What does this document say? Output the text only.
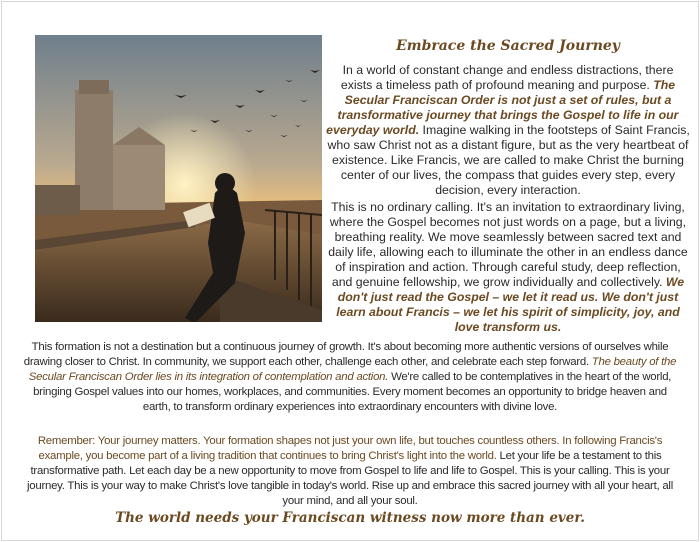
Embrace the Sacred Journey
In a world of constant change and endless distractions, there exists a timeless path of profound meaning and purpose. The Secular Franciscan Order is not just a set of rules, but a transformative journey that brings the Gospel to life in our everyday world. Imagine walking in the footsteps of Saint Francis, who saw Christ not as a distant figure, but as the very heartbeat of existence. Like Francis, we are called to make Christ the burning center of our lives, the compass that guides every step, every decision, every interaction.
This is no ordinary calling. It's an invitation to extraordinary living, where the Gospel becomes not just words on a page, but a living, breathing reality. We move seamlessly between sacred text and daily life, allowing each to illuminate the other in an endless dance of inspiration and action. Through careful study, deep reflection, and genuine fellowship, we grow individually and collectively. We don't just read the Gospel – we let it read us. We don't just learn about Francis – we let his spirit of simplicity, joy, and love transform us.
This formation is not a destination but a continuous journey of growth. It's about becoming more authentic versions of ourselves while drawing closer to Christ. In community, we support each other, challenge each other, and celebrate each step forward. The beauty of the Secular Franciscan Order lies in its integration of contemplation and action. We're called to be contemplatives in the heart of the world, bringing Gospel values into our homes, workplaces, and communities. Every moment becomes an opportunity to bridge heaven and earth, to transform ordinary experiences into extraordinary encounters with divine love.
Remember: Your journey matters. Your formation shapes not just your own life, but touches countless others. In following Francis's example, you become part of a living tradition that continues to bring Christ's light into the world. Let your life be a testament to this transformative path. Let each day be a new opportunity to move from Gospel to life and life to Gospel. This is your calling. This is your journey. This is your way to make Christ's love tangible in today's world. Rise up and embrace this sacred journey with all your heart, all your mind, and all your soul.
The world needs your Franciscan witness now more than ever.
